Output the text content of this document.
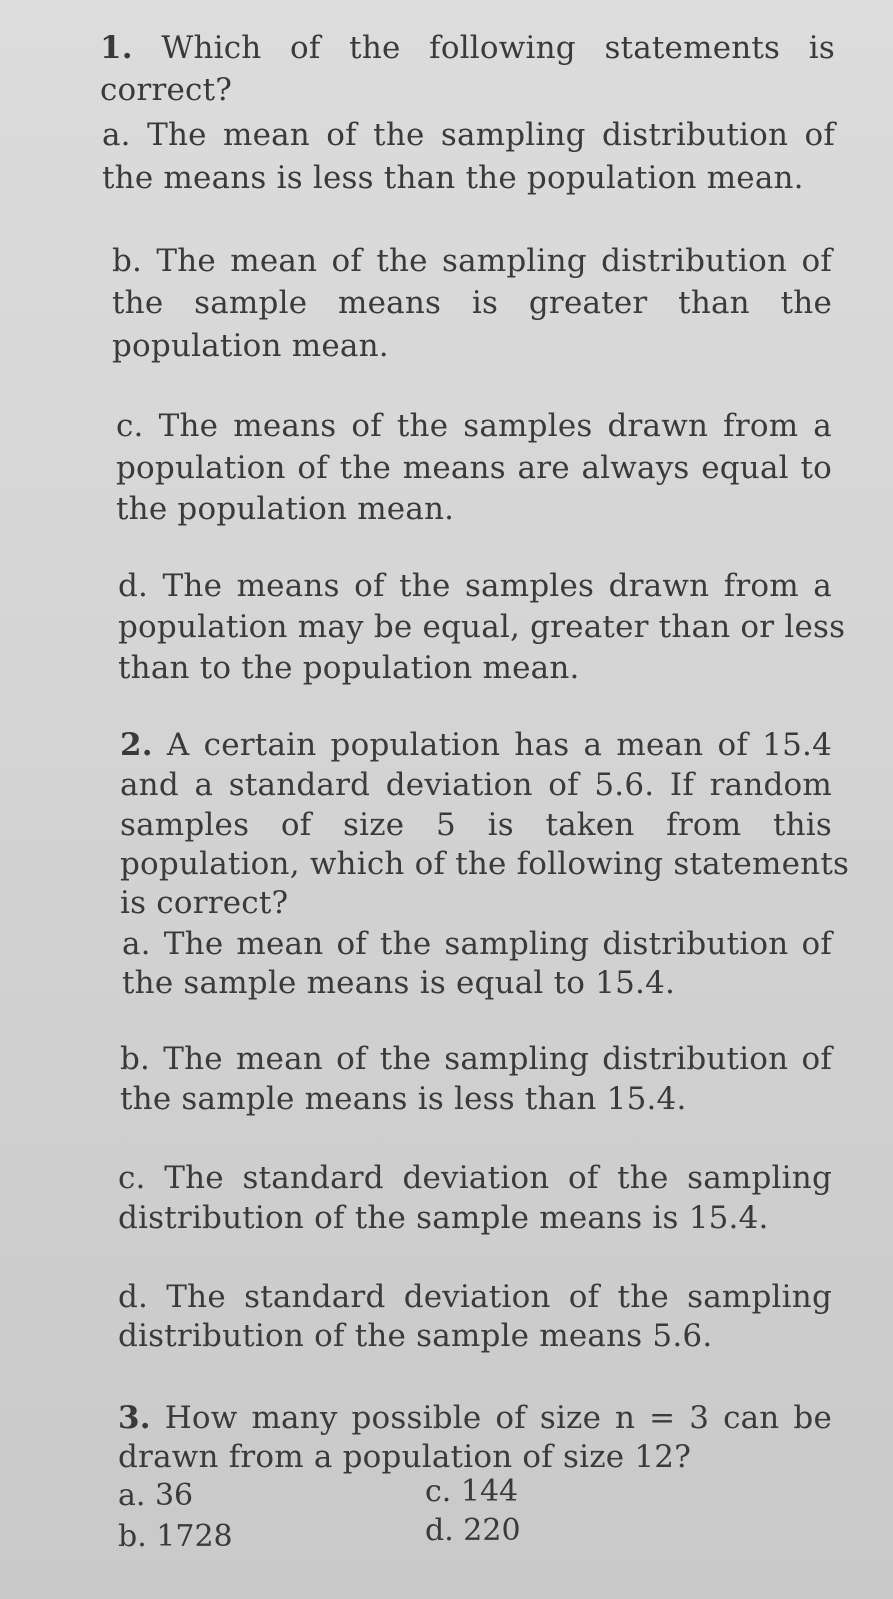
1. Which of the following statements is
correct?
a. The mean of the sampling distribution of
the means is less than the population mean.
b. The mean of the sampling distribution of
the sample means is greater than the
population mean.
c. The means of the samples drawn from a
population of the means are always equal to
the population mean.
d. The means of the samples drawn from a
population may be equal, greater than or less
than to the population mean.
2. A certain population has a mean of 15.4
and a standard deviation of 5.6. If random
samples of size 5 is taken from this
population, which of the following statements
is correct?
a. The mean of the sampling distribution of
the sample means is equal to 15.4.
b. The mean of the sampling distribution of
the sample means is less than 15.4.
c. The standard deviation of the sampling
distribution of the sample means is 15.4.
d. The standard deviation of the sampling
distribution of the sample means 5.6.
3. How many possible of size n = 3 can be
drawn from a population of size 12?
a. 36	c. 144
b. 1728	d. 220
